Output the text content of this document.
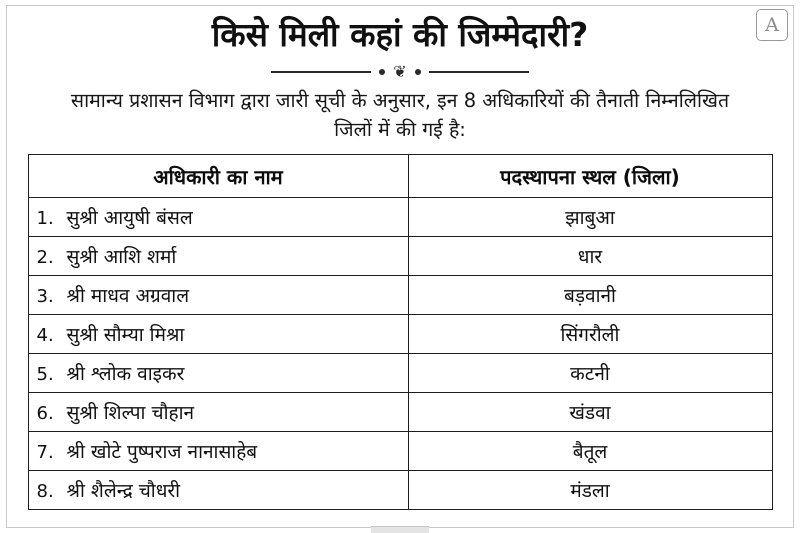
A
किसे मिली कहां की जिम्मेदारी?
❦
सामान्य प्रशासन विभाग द्वारा जारी सूची के अनुसार, इन 8 अधिकारियों की तैनाती निम्नलिखित जिलों में की गई है:
अधिकारी का नाम	पदस्थापना स्थल (जिला)

1. सुश्री आयुषी बंसल	झाबुआ

2. सुश्री आशि शर्मा	धार

3. श्री माधव अग्रवाल	बड़वानी

4. सुश्री सौम्या मिश्रा	सिंगरौली

5. श्री श्लोक वाइकर	कटनी

6. सुश्री शिल्पा चौहान	खंडवा

7. श्री खोटे पुष्पराज नानासाहेब	बैतूल

8. श्री शैलेन्द्र चौधरी	मंडला
